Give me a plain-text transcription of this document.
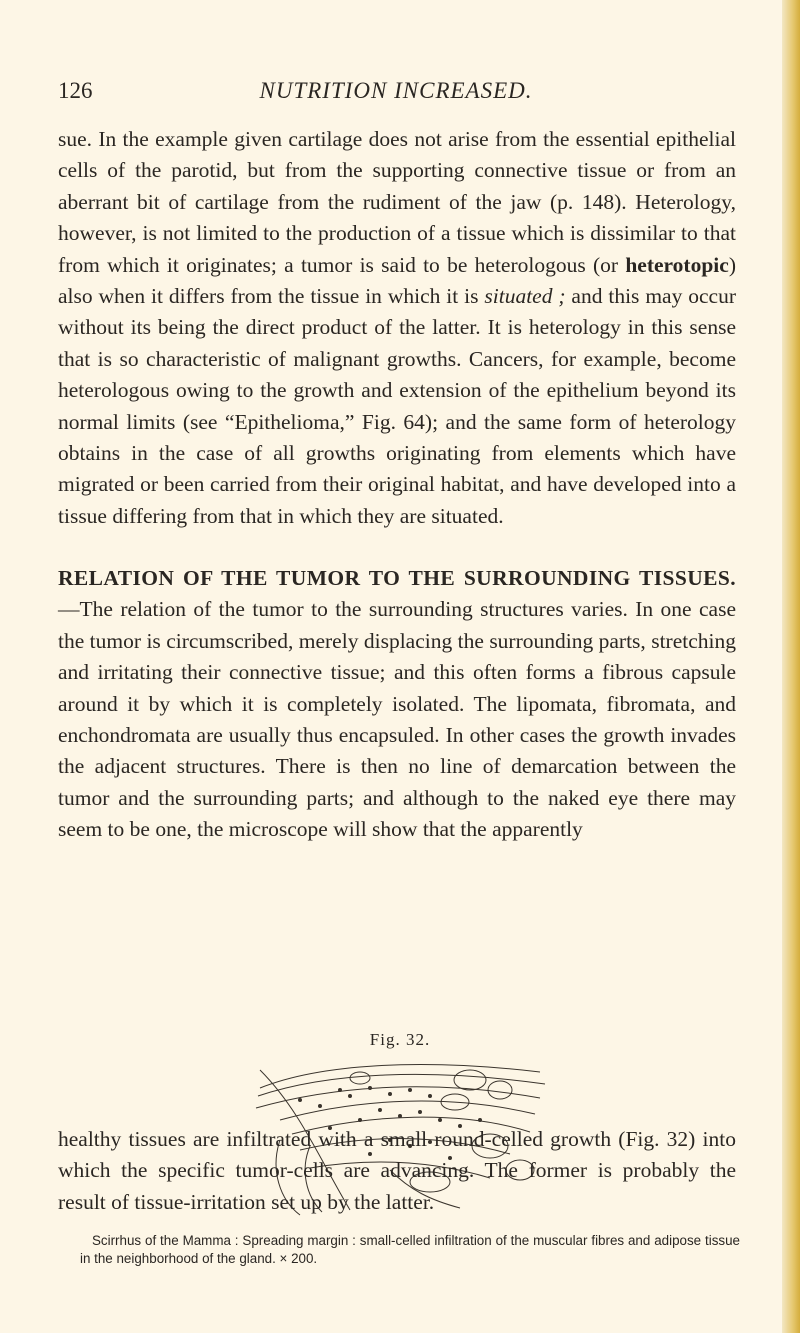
126	NUTRITION INCREASED.

sue. In the example given cartilage does not arise from the essential epithelial cells of the parotid, but from the supporting connective tissue or from an aberrant bit of cartilage from the rudiment of the jaw (p. 148). Heterology, however, is not limited to the production of a tissue which is dissimilar to that from which it originates; a tumor is said to be heterologous (or heterotopic) also when it differs from the tissue in which it is situated ; and this may occur without its being the direct product of the latter. It is heterology in this sense that is so characteristic of malignant growths. Cancers, for example, become heterologous owing to the growth and extension of the epithelium beyond its normal limits (see “Epithelioma,” Fig. 64); and the same form of heterology obtains in the case of all growths originating from elements which have migrated or been carried from their original habitat, and have developed into a tissue differing from that in which they are situated.

RELATION OF THE TUMOR TO THE SURROUNDING TISSUES.—The relation of the tumor to the surrounding structures varies. In one case the tumor is circumscribed, merely displacing the surrounding parts, stretching and irritating their connective tissue; and this often forms a fibrous capsule around it by which it is completely isolated. The lipomata, fibromata, and enchondromata are usually thus encapsuled. In other cases the growth invades the adjacent structures. There is then no line of demarcation between the tumor and the surrounding parts; and although to the naked eye there may seem to be one, the microscope will show that the apparently

Fig. 32.

Scirrhus of the Mamma : Spreading margin : small-celled infiltration of the muscular fibres and adipose tissue in the neighborhood of the gland. × 200.

healthy tissues are infiltrated with a small round-celled growth (Fig. 32) into which the specific tumor-cells are advancing. The former is probably the result of tissue-irritation set up by the latter.
